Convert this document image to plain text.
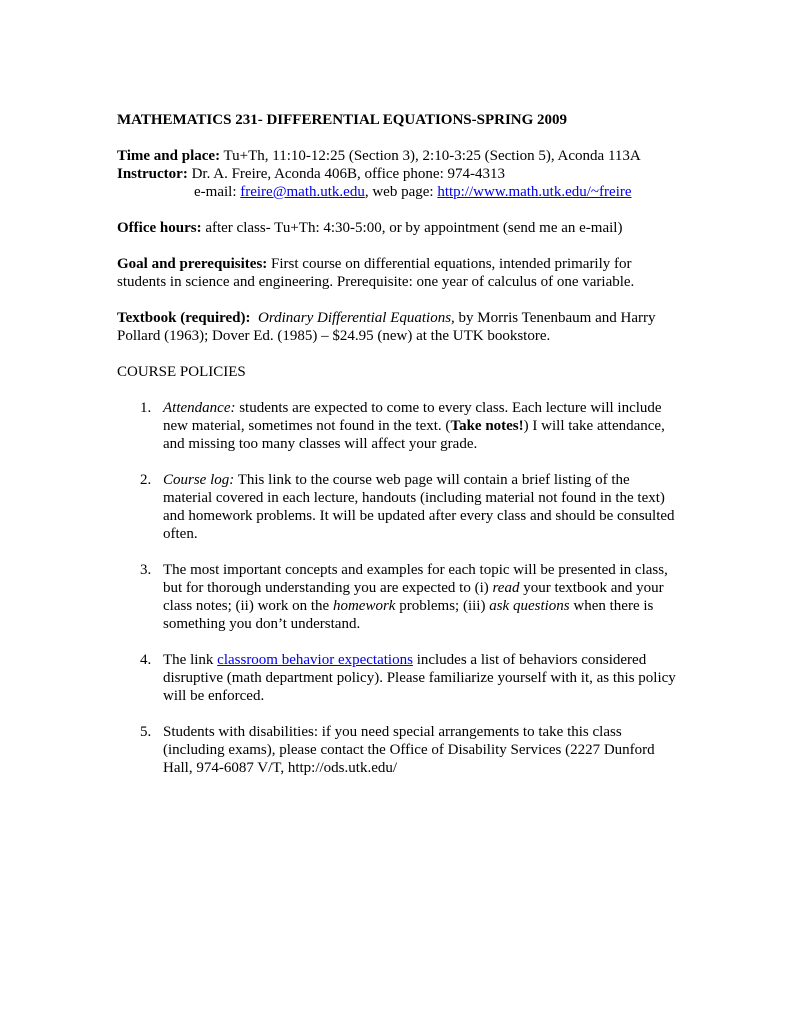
MATHEMATICS 231- DIFFERENTIAL EQUATIONS-SPRING 2009

Time and place: Tu+Th, 11:10-12:25 (Section 3), 2:10-3:25 (Section 5), Aconda 113A

Instructor: Dr. A. Freire, Aconda 406B, office phone: 974-4313

e-mail: freire@math.utk.edu, web page: http://www.math.utk.edu/~freire

Office hours: after class- Tu+Th: 4:30-5:00, or by appointment (send me an e-mail)

Goal and prerequisites: First course on differential equations, intended primarily for students in science and engineering. Prerequisite: one year of calculus of one variable.

Textbook (required): Ordinary Differential Equations, by Morris Tenenbaum and Harry Pollard (1963); Dover Ed. (1985) – $24.95 (new) at the UTK bookstore.

COURSE POLICIES

1. Attendance: students are expected to come to every class. Each lecture will include new material, sometimes not found in the text. (Take notes!) I will take attendance, and missing too many classes will affect your grade.
2. Course log: This link to the course web page will contain a brief listing of the material covered in each lecture, handouts (including material not found in the text) and homework problems. It will be updated after every class and should be consulted often.
3. The most important concepts and examples for each topic will be presented in class, but for thorough understanding you are expected to (i) read your textbook and your class notes; (ii) work on the homework problems; (iii) ask questions when there is something you don’t understand.
4. The link classroom behavior expectations includes a list of behaviors considered disruptive (math department policy). Please familiarize yourself with it, as this policy will be enforced.
5. Students with disabilities: if you need special arrangements to take this class (including exams), please contact the Office of Disability Services (2227 Dunford Hall, 974-6087 V/T, http://ods.utk.edu/
